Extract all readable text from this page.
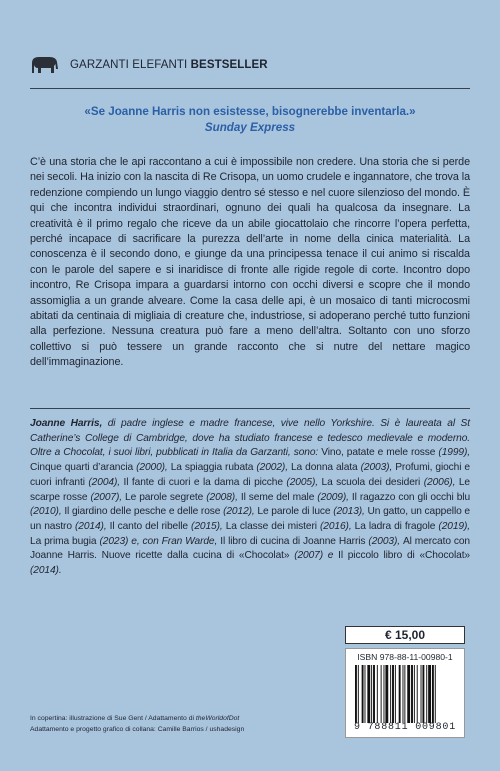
GARZANTI ELEFANTI BESTSELLER
«Se Joanne Harris non esistesse, bisognerebbe inventarla.»
Sunday Express
C’è una storia che le api raccontano a cui è impossibile non credere. Una storia che si perde nei secoli. Ha inizio con la nascita di Re Crisopa, un uomo crudele e ingannatore, che trova la redenzione compiendo un lungo viaggio dentro sé stesso e nel cuore silenzioso del mondo. È qui che incontra individui straordinari, ognuno dei quali ha qualcosa da insegnare. La creatività è il primo regalo che riceve da un abile giocattolaio che rincorre l’opera perfetta, perché incapace di sacrificare la purezza dell’arte in nome della cinica materialità. La conoscenza è il secondo dono, e giunge da una principessa tenace il cui animo si riscalda con le parole del sapere e si inaridisce di fronte alle rigide regole di corte. Incontro dopo incontro, Re Crisopa impara a guardarsi intorno con occhi diversi e scopre che il mondo assomiglia a un grande alveare. Come la casa delle api, è un mosaico di tanti microcosmi abitati da centinaia di migliaia di creature che, industriose, si adoperano perché tutto funzioni alla perfezione. Nessuna creatura può fare a meno dell’altra. Soltanto con uno sforzo collettivo si può tessere un grande racconto che si nutre del nettare magico dell’immaginazione.
Joanne Harris, di padre inglese e madre francese, vive nello Yorkshire. Si è laureata al St Catherine’s College di Cambridge, dove ha studiato francese e tedesco medievale e moderno. Oltre a Chocolat, i suoi libri, pubblicati in Italia da Garzanti, sono: Vino, patate e mele rosse (1999), Cinque quarti d’arancia (2000), La spiaggia rubata (2002), La donna alata (2003), Profumi, giochi e cuori infranti (2004), Il fante di cuori e la dama di picche (2005), La scuola dei desideri (2006), Le scarpe rosse (2007), Le parole segrete (2008), Il seme del male (2009), Il ragazzo con gli occhi blu (2010), Il giardino delle pesche e delle rose (2012), Le parole di luce (2013), Un gatto, un cappello e un nastro (2014), Il canto del ribelle (2015), La classe dei misteri (2016), La ladra di fragole (2019), La prima bugia (2023) e, con Fran Warde, Il libro di cucina di Joanne Harris (2003), Al mercato con Joanne Harris. Nuove ricette dalla cucina di «Chocolat» (2007) e Il piccolo libro di «Chocolat» (2014).
€ 15,00
ISBN 978-88-11-00980-1
9 788811 009801
In copertina: illustrazione di Sue Gent / Adattamento di theWorldofDot
Adattamento e progetto grafico di collana: Camille Barrios / ushadesign
